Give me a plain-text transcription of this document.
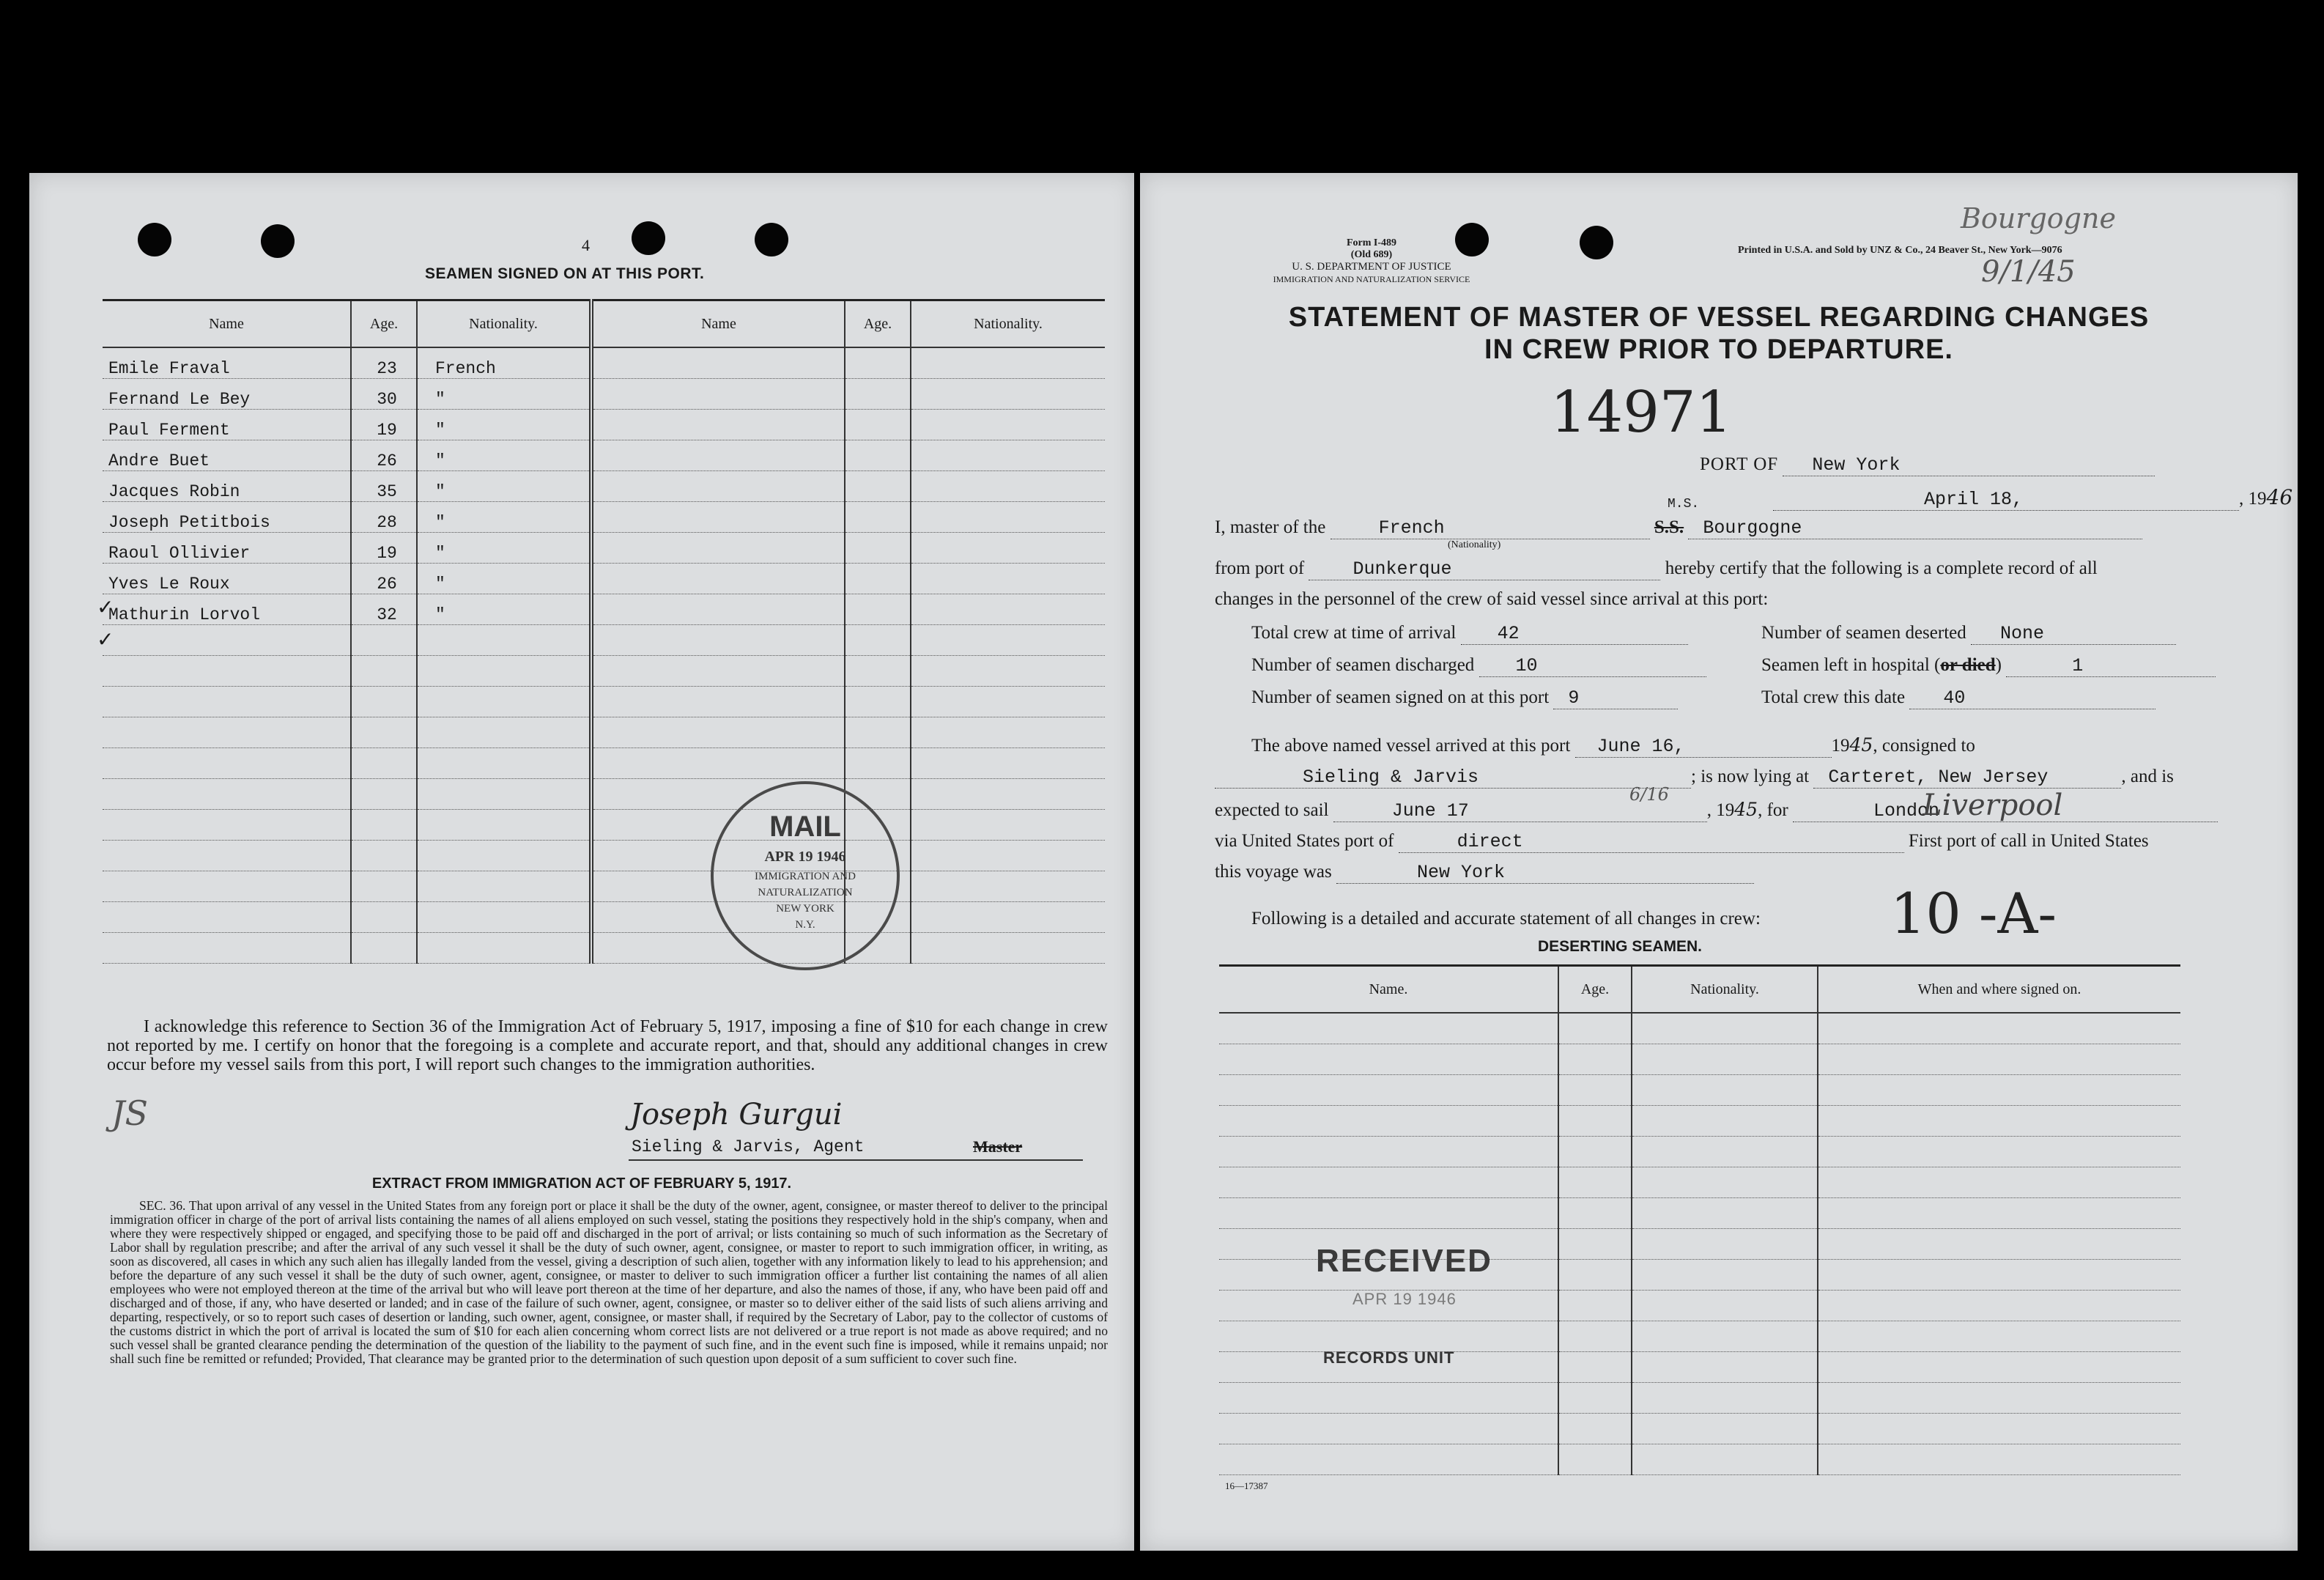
4
SEAMEN SIGNED ON AT THIS PORT.
Name	Age.	Nationality.	Name	Age.	Nationality.
Emile Fraval	23	French			
Fernand Le Bey	30	"			
Paul Ferment	19	"			
Andre Buet	26	"			
Jacques Robin	35	"			
Joseph Petitbois	28	"			
Raoul Ollivier	19	"			
Yves Le Roux	26	"			
Mathurin Lorvol	32	"			

✓
✓
MAIL
APR 19 1946
IMMIGRATION AND
NATURALIZATION
NEW YORK
N.Y.
I acknowledge this reference to Section 36 of the Immigration Act of February 5, 1917, imposing a fine of $10 for each change in crew not reported by me. I certify on honor that the foregoing is a complete and accurate report, and that, should any additional changes in crew occur before my vessel sails from this port, I will report such changes to the immigration authorities.
JS	Joseph Gurgui
Sieling & Jarvis, Agent	Master
EXTRACT FROM IMMIGRATION ACT OF FEBRUARY 5, 1917.
SEC. 36. That upon arrival of any vessel in the United States from any foreign port or place it shall be the duty of the owner, agent, consignee, or master thereof to deliver to the principal immigration officer in charge of the port of arrival lists containing the names of all aliens employed on such vessel, stating the positions they respectively hold in the ship's company, when and where they were respectively shipped or engaged, and specifying those to be paid off and discharged in the port of arrival; or lists containing so much of such information as the Secretary of Labor shall by regulation prescribe; and after the arrival of any such vessel it shall be the duty of such owner, agent, consignee, or master to report to such immigration officer, in writing, as soon as discovered, all cases in which any such alien has illegally landed from the vessel, giving a description of such alien, together with any information likely to lead to his apprehension; and before the departure of any such vessel it shall be the duty of such owner, agent, consignee, or master to deliver to such immigration officer a further list containing the names of all alien employees who were not employed thereon at the time of the arrival but who will leave port thereon at the time of her departure, and also the names of those, if any, who have been paid off and discharged and of those, if any, who have deserted or landed; and in case of the failure of such owner, agent, consignee, or master so to deliver either of the said lists of such aliens arriving and departing, respectively, or so to report such cases of desertion or landing, such owner, agent, consignee, or master shall, if required by the Secretary of Labor, pay to the collector of customs of the customs district in which the port of arrival is located the sum of $10 for each alien concerning whom correct lists are not delivered or a true report is not made as above required; and no such vessel shall be granted clearance pending the determination of the question of the liability to the payment of such fine, and in the event such fine is imposed, while it remains unpaid; nor shall such fine be remitted or refunded; Provided, That clearance may be granted prior to the determination of such question upon deposit of a sum sufficient to cover such fine.
Form I-489
(Old 689)
U. S. DEPARTMENT OF JUSTICE
IMMIGRATION AND NATURALIZATION SERVICE
Printed in U.S.A. and Sold by UNZ & Co., 24 Beaver St., New York—9076
Bourgogne
9/1/45
STATEMENT OF MASTER OF VESSEL REGARDING CHANGES
IN CREW PRIOR TO DEPARTURE.
14971
PORT OF New York
April 18,	, 1946
M.S.
I, master of the	French	S.S. Bourgogne
(Nationality)
from port of	Dunkerque	hereby certify that the following is a complete record of all
changes in the personnel of the crew of said vessel since arrival at this port:
Total crew at time of arrival 42	Number of seamen deserted None
Number of seamen discharged 10	Seamen left in hospital (or died)	1
Number of seamen signed on at this port 9	Total crew this date 40
The above named vessel arrived at this port June 16,	1945, consigned to
Sieling & Jarvis	; is now lying at Carteret, New Jersey	, and is
expected to sail	June 17	, 1945, for	London
6/16	Liverpool
via United States port of	direct	First port of call in United States
this voyage was	New York
Following is a detailed and accurate statement of all changes in crew: 10 -A-
DESERTING SEAMEN.
Name.	Age.	Nationality.	When and where signed on.

RECEIVED
APR 19 1946
RECORDS UNIT
16—17387
